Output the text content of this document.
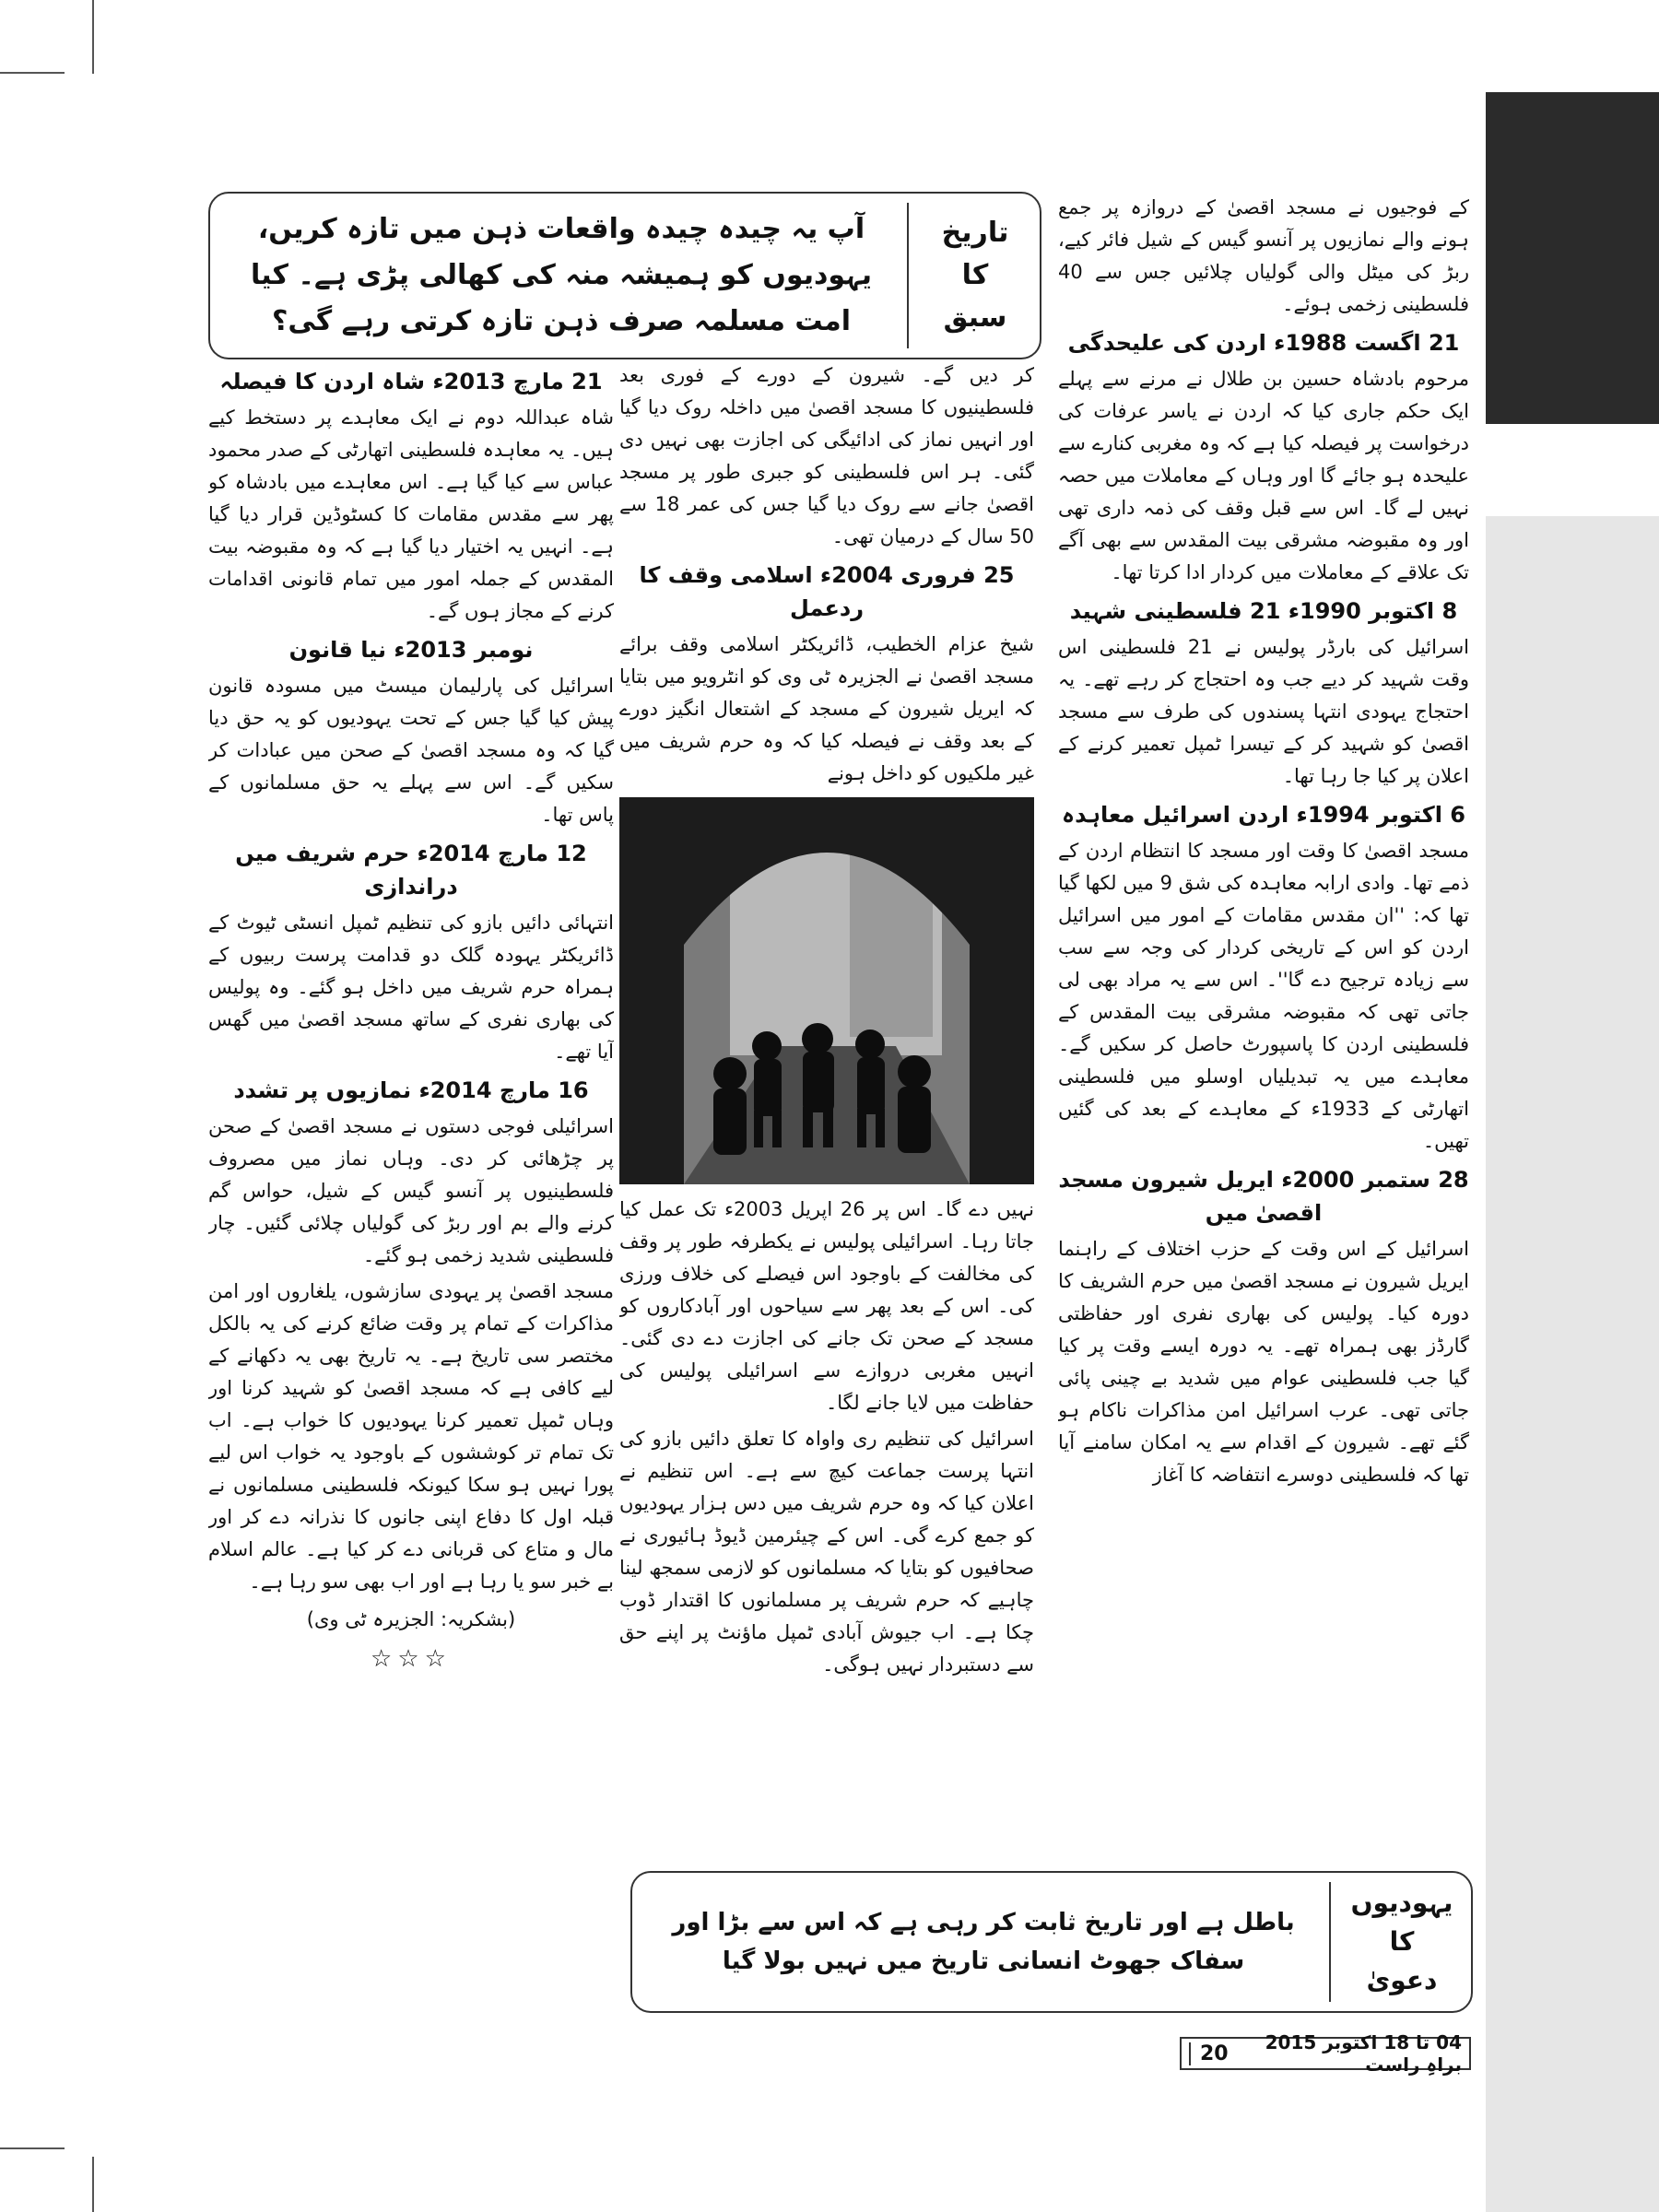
تاریخ
کا
سبق
آپ یہ چیدہ چیدہ واقعات ذہن میں تازہ کریں، یہودیوں کو ہمیشہ منہ کی کھالی پڑی ہے۔ کیا امت مسلمہ صرف ذہن تازہ کرتی رہے گی؟

کے فوجیوں نے مسجد اقصیٰ کے دروازہ پر جمع ہونے والے نمازیوں پر آنسو گیس کے شیل فائر کیے، ربڑ کی میٹل والی گولیاں چلائیں جس سے 40 فلسطینی زخمی ہوئے۔

21 اگست 1988ء اردن کی علیحدگی

مرحوم بادشاہ حسین بن طلال نے مرنے سے پہلے ایک حکم جاری کیا کہ اردن نے یاسر عرفات کی درخواست پر فیصلہ کیا ہے کہ وہ مغربی کنارے سے علیحدہ ہو جائے گا اور وہاں کے معاملات میں حصہ نہیں لے گا۔ اس سے قبل وقف کی ذمہ داری تھی اور وہ مقبوضہ مشرقی بیت المقدس سے بھی آگے تک علاقے کے معاملات میں کردار ادا کرتا تھا۔

8 اکتوبر 1990ء 21 فلسطینی شہید

اسرائیل کی بارڈر پولیس نے 21 فلسطینی اس وقت شہید کر دیے جب وہ احتجاج کر رہے تھے۔ یہ احتجاج یہودی انتہا پسندوں کی طرف سے مسجد اقصیٰ کو شہید کر کے تیسرا ٹمپل تعمیر کرنے کے اعلان پر کیا جا رہا تھا۔

6 اکتوبر 1994ء اردن اسرائیل معاہدہ

مسجد اقصیٰ کا وقت اور مسجد کا انتظام اردن کے ذمے تھا۔ وادی ارابہ معاہدہ کی شق 9 میں لکھا گیا تھا کہ: ''ان مقدس مقامات کے امور میں اسرائیل اردن کو اس کے تاریخی کردار کی وجہ سے سب سے زیادہ ترجیح دے گا''۔ اس سے یہ مراد بھی لی جاتی تھی کہ مقبوضہ مشرقی بیت المقدس کے فلسطینی اردن کا پاسپورٹ حاصل کر سکیں گے۔ معاہدے میں یہ تبدیلیاں اوسلو میں فلسطینی اتھارٹی کے 1933ء کے معاہدے کے بعد کی گئیں تھیں۔

28 ستمبر 2000ء ایریل شیرون مسجد اقصیٰ میں

اسرائیل کے اس وقت کے حزب اختلاف کے راہنما ایریل شیرون نے مسجد اقصیٰ میں حرم الشریف کا دورہ کیا۔ پولیس کی بھاری نفری اور حفاظتی گارڈز بھی ہمراہ تھے۔ یہ دورہ ایسے وقت پر کیا گیا جب فلسطینی عوام میں شدید بے چینی پائی جاتی تھی۔ عرب اسرائیل امن مذاکرات ناکام ہو گئے تھے۔ شیرون کے اقدام سے یہ امکان سامنے آیا تھا کہ فلسطینی دوسرے انتفاضہ کا آغاز

کر دیں گے۔ شیرون کے دورے کے فوری بعد فلسطینیوں کا مسجد اقصیٰ میں داخلہ روک دیا گیا اور انہیں نماز کی ادائیگی کی اجازت بھی نہیں دی گئی۔ ہر اس فلسطینی کو جبری طور پر مسجد اقصیٰ جانے سے روک دیا گیا جس کی عمر 18 سے 50 سال کے درمیان تھی۔

25 فروری 2004ء اسلامی وقف کا ردعمل

شیخ عزام الخطیب، ڈائریکٹر اسلامی وقف برائے مسجد اقصیٰ نے الجزیرہ ٹی وی کو انٹرویو میں بتایا کہ ایریل شیرون کے مسجد کے اشتعال انگیز دورے کے بعد وقف نے فیصلہ کیا کہ وہ حرم شریف میں غیر ملکیوں کو داخل ہونے

نہیں دے گا۔ اس پر 26 اپریل 2003ء تک عمل کیا جاتا رہا۔ اسرائیلی پولیس نے یکطرفہ طور پر وقف کی مخالفت کے باوجود اس فیصلے کی خلاف ورزی کی۔ اس کے بعد پھر سے سیاحوں اور آبادکاروں کو مسجد کے صحن تک جانے کی اجازت دے دی گئی۔ انہیں مغربی دروازے سے اسرائیلی پولیس کی حفاظت میں لایا جانے لگا۔

اسرائیل کی تنظیم ری واواہ کا تعلق دائیں بازو کی انتہا پرست جماعت کیچ سے ہے۔ اس تنظیم نے اعلان کیا کہ وہ حرم شریف میں دس ہزار یہودیوں کو جمع کرے گی۔ اس کے چیئرمین ڈیوڈ ہائیوری نے صحافیوں کو بتایا کہ مسلمانوں کو لازمی سمجھ لینا چاہیے کہ حرم شریف پر مسلمانوں کا اقتدار ڈوب چکا ہے۔ اب جیوش آبادی ٹمپل ماؤنٹ پر اپنے حق سے دستبردار نہیں ہوگی۔

21 مارچ 2013ء شاہ اردن کا فیصلہ

شاہ عبداللہ دوم نے ایک معاہدے پر دستخط کیے ہیں۔ یہ معاہدہ فلسطینی اتھارٹی کے صدر محمود عباس سے کیا گیا ہے۔ اس معاہدے میں بادشاہ کو پھر سے مقدس مقامات کا کسٹوڈین قرار دیا گیا ہے۔ انہیں یہ اختیار دیا گیا ہے کہ وہ مقبوضہ بیت المقدس کے جملہ امور میں تمام قانونی اقدامات کرنے کے مجاز ہوں گے۔

نومبر 2013ء نیا قانون

اسرائیل کی پارلیمان میسٹ میں مسودہ قانون پیش کیا گیا جس کے تحت یہودیوں کو یہ حق دیا گیا کہ وہ مسجد اقصیٰ کے صحن میں عبادات کر سکیں گے۔ اس سے پہلے یہ حق مسلمانوں کے پاس تھا۔

12 مارچ 2014ء حرم شریف میں دراندازی

انتہائی دائیں بازو کی تنظیم ٹمپل انسٹی ٹیوٹ کے ڈائریکٹر یہودہ گلک دو قدامت پرست ربیوں کے ہمراہ حرم شریف میں داخل ہو گئے۔ وہ پولیس کی بھاری نفری کے ساتھ مسجد اقصیٰ میں گھس آیا تھے۔

16 مارچ 2014ء نمازیوں پر تشدد

اسرائیلی فوجی دستوں نے مسجد اقصیٰ کے صحن پر چڑھائی کر دی۔ وہاں نماز میں مصروف فلسطینیوں پر آنسو گیس کے شیل، حواس گم کرنے والے بم اور ربڑ کی گولیاں چلائی گئیں۔ چار فلسطینی شدید زخمی ہو گئے۔

مسجد اقصیٰ پر یہودی سازشوں، یلغاروں اور امن مذاکرات کے تمام پر وقت ضائع کرنے کی یہ بالکل مختصر سی تاریخ ہے۔ یہ تاریخ بھی یہ دکھانے کے لیے کافی ہے کہ مسجد اقصیٰ کو شہید کرنا اور وہاں ٹمپل تعمیر کرنا یہودیوں کا خواب ہے۔ اب تک تمام تر کوششوں کے باوجود یہ خواب اس لیے پورا نہیں ہو سکا کیونکہ فلسطینی مسلمانوں نے قبلہ اول کا دفاع اپنی جانوں کا نذرانہ دے کر اور مال و متاع کی قربانی دے کر کیا ہے۔ عالم اسلام بے خبر سو یا رہا ہے اور اب بھی سو رہا ہے۔

(بشکریہ: الجزیرہ ٹی وی)

☆☆☆
یہودیوں
کا
دعویٰ
باطل ہے اور تاریخ ثابت کر رہی ہے کہ اس سے بڑا اور سفاک جھوٹ انسانی تاریخ میں نہیں بولا گیا
04 تا 18 اکتوبر 2015 براہِ راست
20
